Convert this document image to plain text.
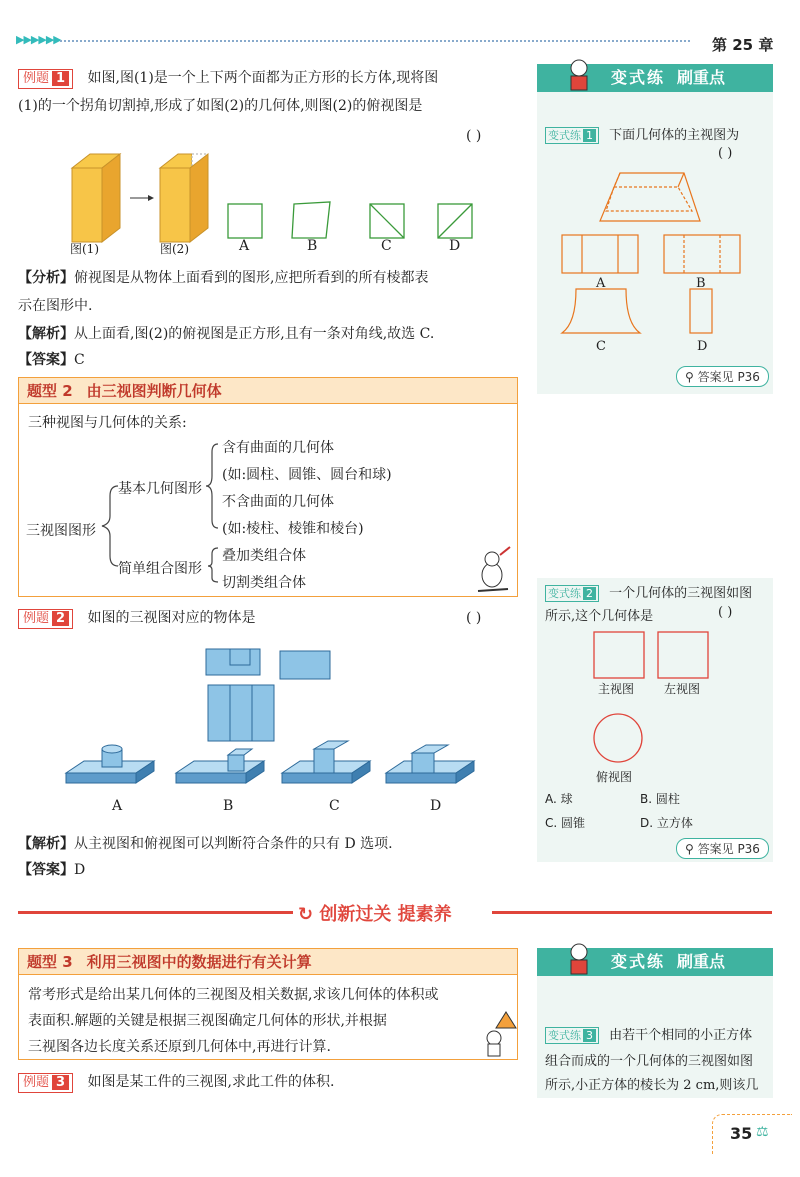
▶▶▶▶▶▶	第 25 章
例题 1 如图,图(1)是一个上下两个面都为正方形的长方体,现将图
(1)的一个拐角切割掉,形成了如图(2)的几何体,则图(2)的俯视图是
( )
图(1)	图(2)	A	B	C	D
【分析】俯视图是从物体上面看到的图形,应把所看到的所有棱都表
示在图形中.
【解析】从上面看,图(2)的俯视图是正方形,且有一条对角线,故选 C.
【答案】C
题型 2 由三视图判断几何体
三种视图与几何体的关系:
三视图图形
基本几何图形
简单组合图形
含有曲面的几何体
(如:圆柱、圆锥、圆台和球)
不含曲面的几何体
(如:棱柱、棱锥和棱台)
叠加类组合体
切割类组合体
例题 2 如图的三视图对应的物体是	( )
A	B	C	D
【解析】从主视图和俯视图可以判断符合条件的只有 D 选项.
【答案】D
↻ 创新过关 提素养
题型 3 利用三视图中的数据进行有关计算
常考形式是给出某几何体的三视图及相关数据,求该几何体的体积或
表面积.解题的关键是根据三视图确定几何体的形状,并根据
三视图各边长度关系还原到几何体中,再进行计算.
例题 3 如图是某工件的三视图,求此工件的体积.
变式练 刷重点
变式练 1 下面几何体的主视图为
( )
A	B
C	D
⚲ 答案见 P36
变式练 2 一个几何体的三视图如图
所示,这个几何体是	( )
主视图 左视图
俯视图
A. 球	B. 圆柱
C. 圆锥	D. 立方体
⚲ 答案见 P36
变式练 刷重点
变式练 3 由若干个相同的小正方体
组合而成的一个几何体的三视图如图
所示,小正方体的棱长为 2 cm,则该几
35 ⚖
